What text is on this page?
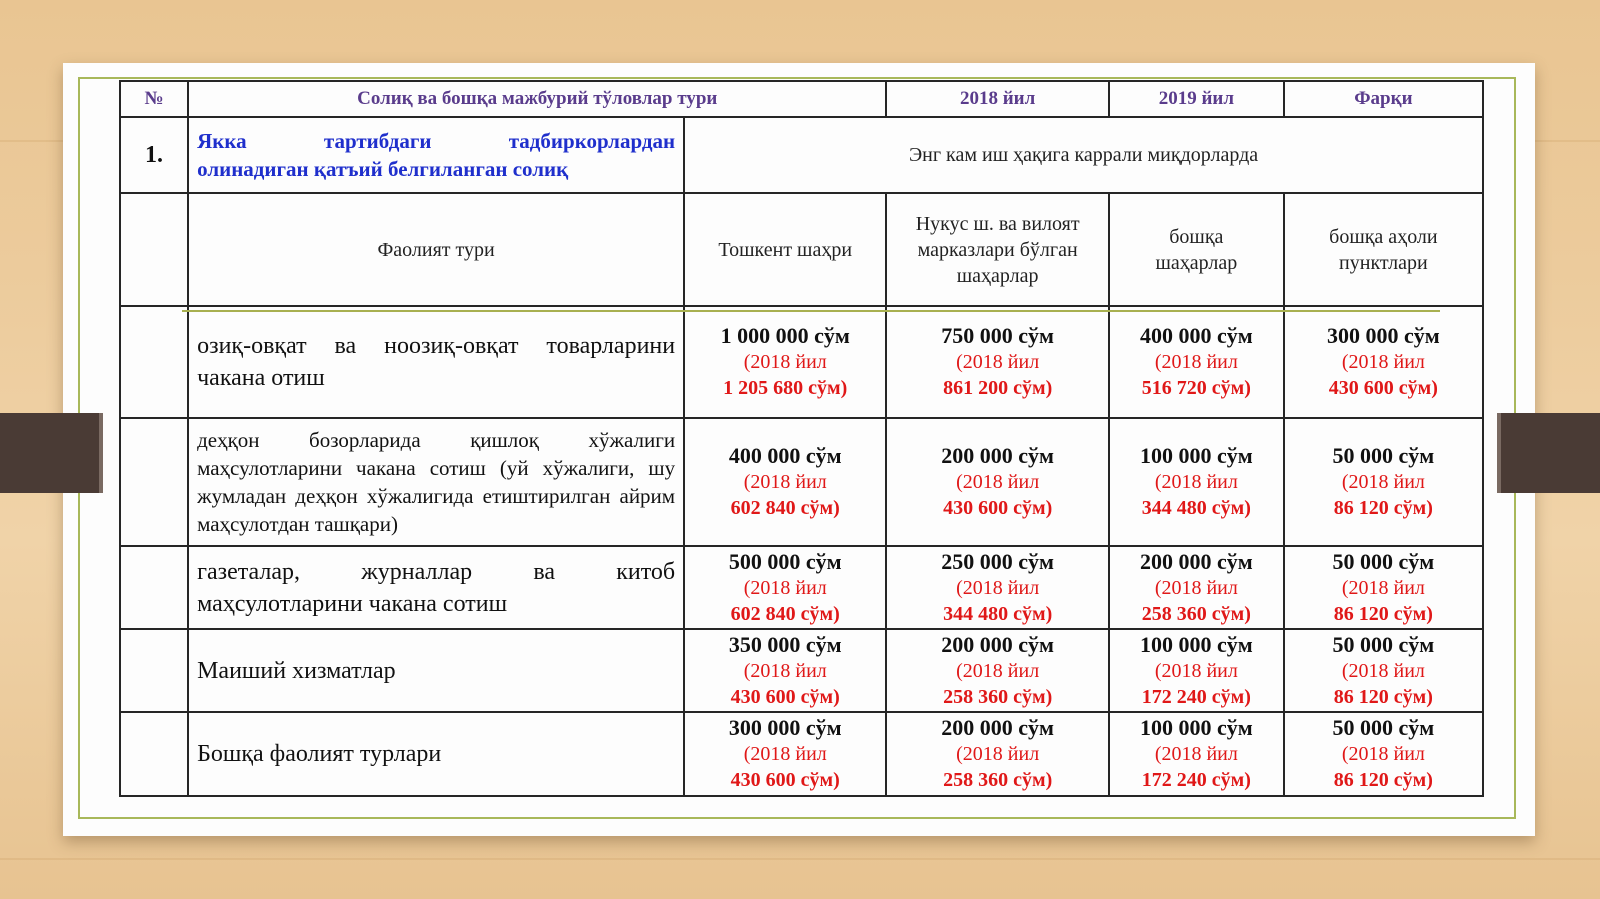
№	Солиқ ва бошқа мажбурий тўловлар тури		2018 йил	2019 йил	Фарқи
1.	Якка тартибдаги тадбиркорлардан
олинадиган қатъий белгиланган солиқ	Энг кам иш ҳақига каррали миқдорларда			
	Фаолият тури	Тошкент шаҳри	Нукус ш. ва вилоят марказлари бўлган шаҳарлар	бошқа шаҳарлар	бошқа аҳоли пунктлари
	озиқ-овқат ва ноозиқ-овқат товарларини чакана отиш	1 000 000 сўм
(2018 йил
1 205 680 сўм)	750 000 сўм
(2018 йил
861 200 сўм)	400 000 сўм
(2018 йил
516 720 сўм)	300 000 сўм
(2018 йил
430 600 сўм)

	деҳқон бозорларида қишлоқ хўжалиги маҳсулотларини чакана сотиш (уй хўжалиги, шу жумладан деҳқон хўжалигида етиштирилган айрим маҳсулотдан ташқари)	400 000 сўм
(2018 йил
602 840 сўм)	200 000 сўм
(2018 йил
430 600 сўм)	100 000 сўм
(2018 йил
344 480 сўм)	50 000 сўм
(2018 йил
86 120 сўм)

	газеталар, журналлар ва китоб маҳсулотларини чакана сотиш	500 000 сўм
(2018 йил
602 840 сўм)	250 000 сўм
(2018 йил
344 480 сўм)	200 000 сўм
(2018 йил
258 360 сўм)	50 000 сўм
(2018 йил
86 120 сўм)

	Маиший хизматлар	350 000 сўм
(2018 йил
430 600 сўм)	200 000 сўм
(2018 йил
258 360 сўм)	100 000 сўм
(2018 йил
172 240 сўм)	50 000 сўм
(2018 йил
86 120 сўм)

	Бошқа фаолият турлари	300 000 сўм
(2018 йил
430 600 сўм)	200 000 сўм
(2018 йил
258 360 сўм)	100 000 сўм
(2018 йил
172 240 сўм)	50 000 сўм
(2018 йил
86 120 сўм)
